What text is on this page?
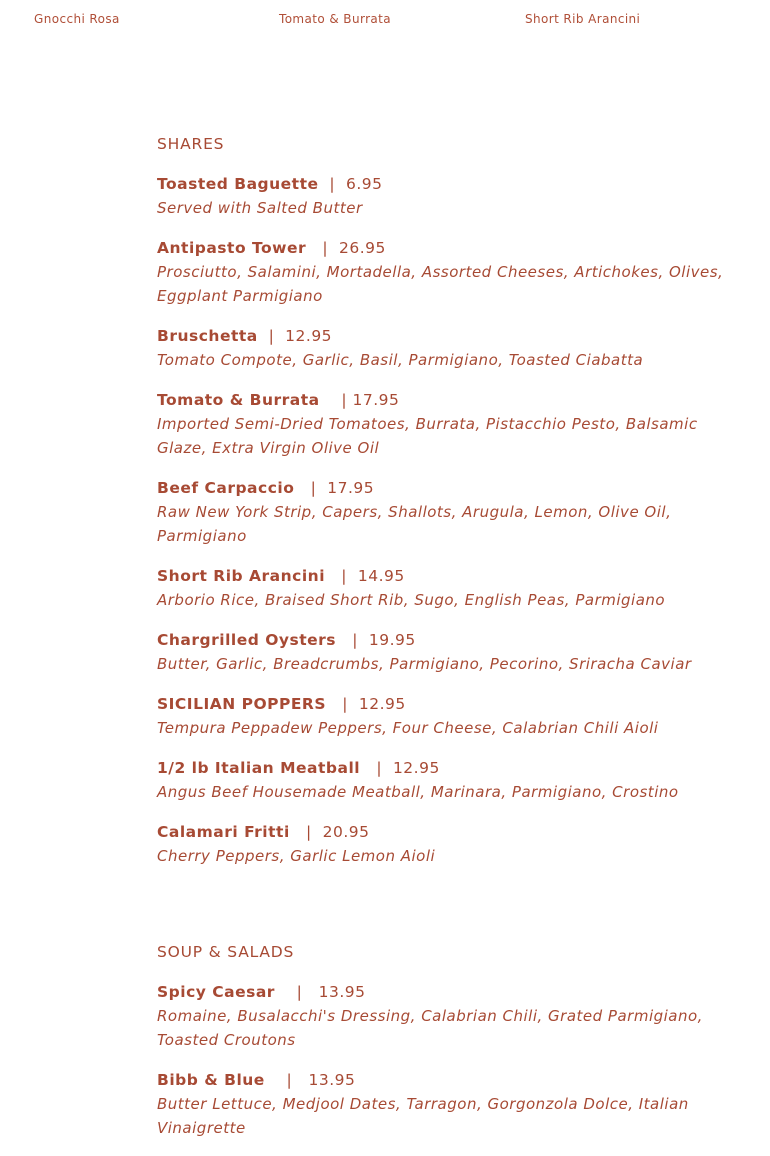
Gnocchi Rosa	Tomato & Burrata	Short Rib Arancini
SHARES
Toasted Baguette  |  6.95
Served with Salted Butter
Antipasto Tower   |  26.95
Prosciutto, Salamini, Mortadella, Assorted Cheeses, Artichokes, Olives, Eggplant Parmigiano
Bruschetta  |  12.95
Tomato Compote, Garlic, Basil, Parmigiano, Toasted Ciabatta
Tomato & Burrata    | 17.95
Imported Semi-Dried Tomatoes, Burrata, Pistacchio Pesto, Balsamic Glaze, Extra Virgin Olive Oil
Beef Carpaccio   |  17.95
Raw New York Strip, Capers, Shallots, Arugula, Lemon, Olive Oil, Parmigiano
Short Rib Arancini   |  14.95
Arborio Rice, Braised Short Rib, Sugo, English Peas, Parmigiano
Chargrilled Oysters   |  19.95
Butter, Garlic, Breadcrumbs, Parmigiano, Pecorino, Sriracha Caviar
SICILIAN POPPERS   |  12.95
Tempura Peppadew Peppers, Four Cheese, Calabrian Chili Aioli
1/2 lb Italian Meatball   |  12.95
Angus Beef Housemade Meatball, Marinara, Parmigiano, Crostino
Calamari Fritti   |  20.95
Cherry Peppers, Garlic Lemon Aioli
SOUP & SALADS
Spicy Caesar    |   13.95
Romaine, Busalacchi's Dressing, Calabrian Chili, Grated Parmigiano, Toasted Croutons
Bibb & Blue    |   13.95
Butter Lettuce, Medjool Dates, Tarragon, Gorgonzola Dolce, Italian Vinaigrette
